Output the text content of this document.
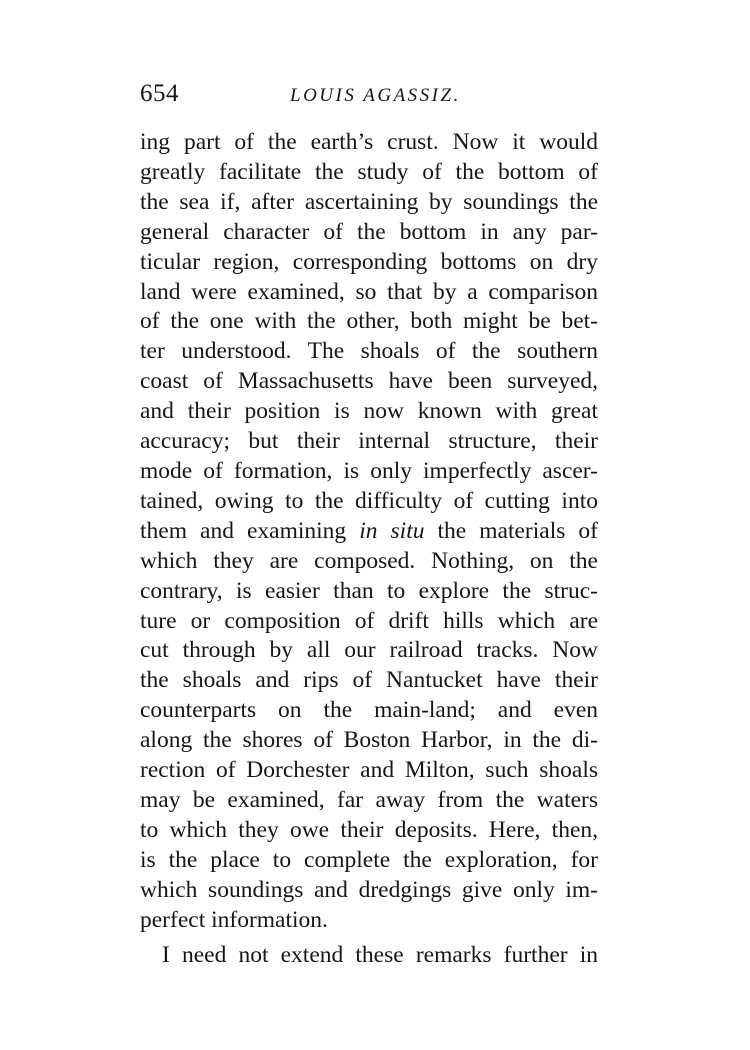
654	LOUIS AGASSIZ.
ing part of the earth’s crust. Now it would
greatly facilitate the study of the bottom of
the sea if, after ascertaining by soundings the
general character of the bottom in any par-
ticular region, corresponding bottoms on dry
land were examined, so that by a comparison
of the one with the other, both might be bet-
ter understood. The shoals of the southern
coast of Massachusetts have been surveyed,
and their position is now known with great
accuracy; but their internal structure, their
mode of formation, is only imperfectly ascer-
tained, owing to the difficulty of cutting into
them and examining in situ the materials of
which they are composed. Nothing, on the
contrary, is easier than to explore the struc-
ture or composition of drift hills which are
cut through by all our railroad tracks. Now
the shoals and rips of Nantucket have their
counterparts on the main-land; and even
along the shores of Boston Harbor, in the di-
rection of Dorchester and Milton, such shoals
may be examined, far away from the waters
to which they owe their deposits. Here, then,
is the place to complete the exploration, for
which soundings and dredgings give only im-
perfect information.
I need not extend these remarks further in
